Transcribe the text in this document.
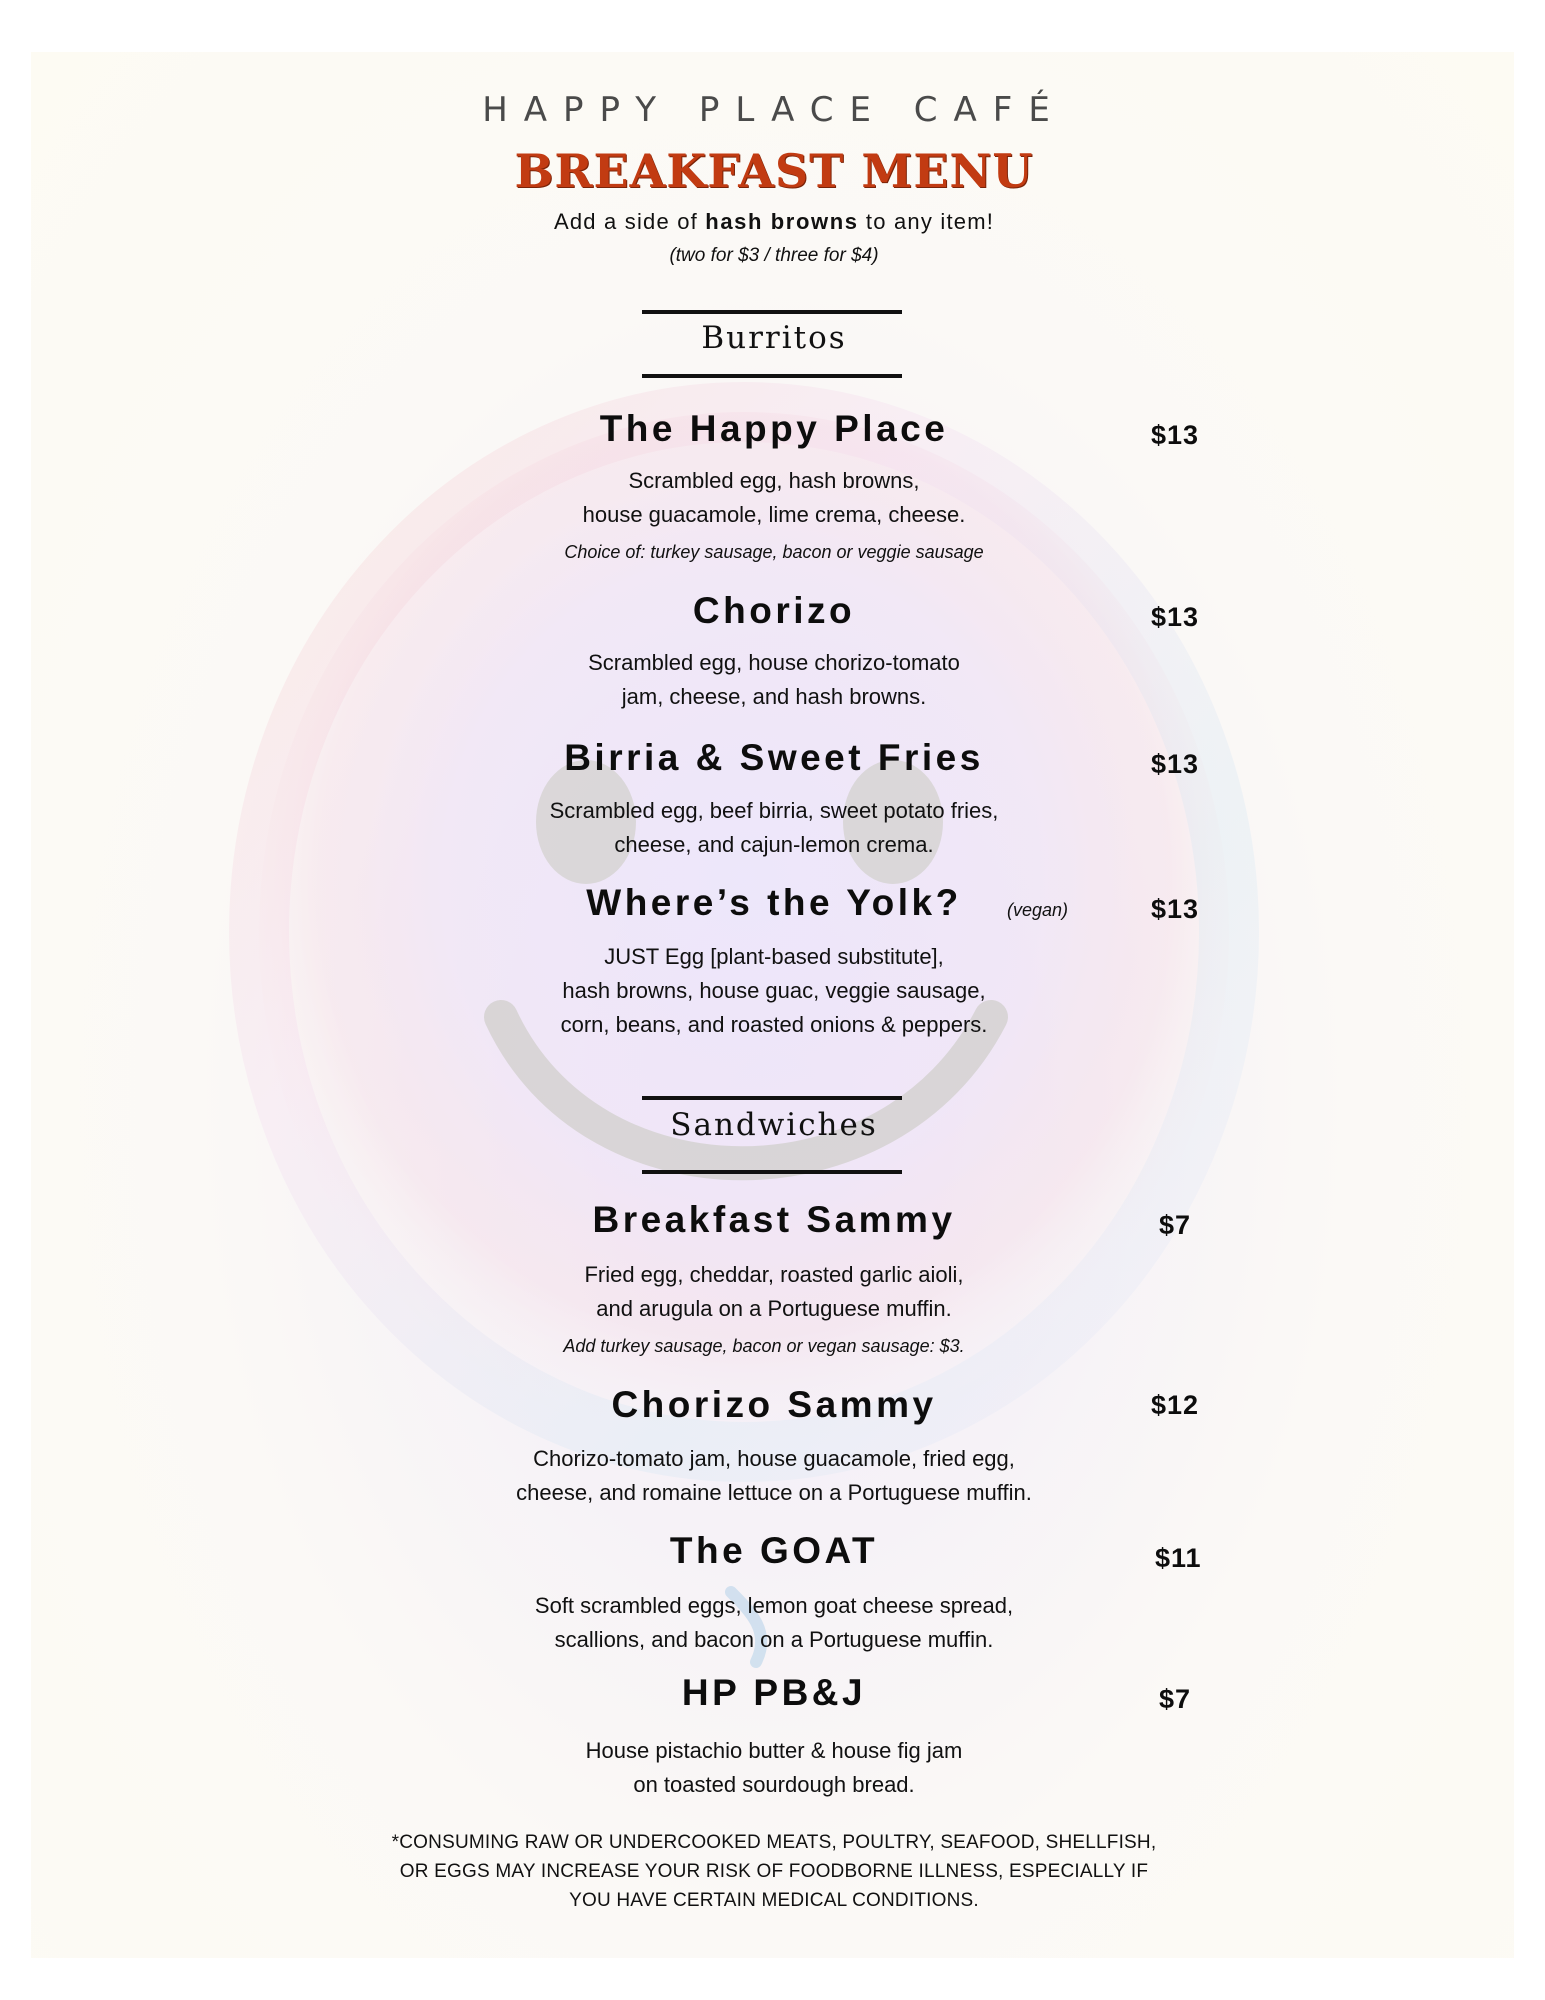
HAPPY PLACE CAFÉ
BREAKFAST MENU
Add a side of hash browns to any item!
(two for $3 / three for $4)
Burritos
The Happy Place	$13
Scrambled egg, hash browns,
house guacamole, lime crema, cheese.
Choice of: turkey sausage, bacon or veggie sausage
Chorizo	$13
Scrambled egg, house chorizo-tomato
jam, cheese, and hash browns.
Birria & Sweet Fries	$13
Scrambled egg, beef birria, sweet potato fries,
cheese, and cajun-lemon crema.
Where’s the Yolk?	(vegan)	$13
JUST Egg [plant-based substitute],
hash browns, house guac, veggie sausage,
corn, beans, and roasted onions & peppers.
Sandwiches
Breakfast Sammy	$7
Fried egg, cheddar, roasted garlic aioli,
and arugula on a Portuguese muffin.
Add turkey sausage, bacon or vegan sausage: $3.
Chorizo Sammy	$12
Chorizo-tomato jam, house guacamole, fried egg,
cheese, and romaine lettuce on a Portuguese muffin.
The GOAT	$11
Soft scrambled eggs, lemon goat cheese spread,
scallions, and bacon on a Portuguese muffin.
HP PB&J	$7
House pistachio butter & house fig jam
on toasted sourdough bread.
*CONSUMING RAW OR UNDERCOOKED MEATS, POULTRY, SEAFOOD, SHELLFISH,
OR EGGS MAY INCREASE YOUR RISK OF FOODBORNE ILLNESS, ESPECIALLY IF
YOU HAVE CERTAIN MEDICAL CONDITIONS.
